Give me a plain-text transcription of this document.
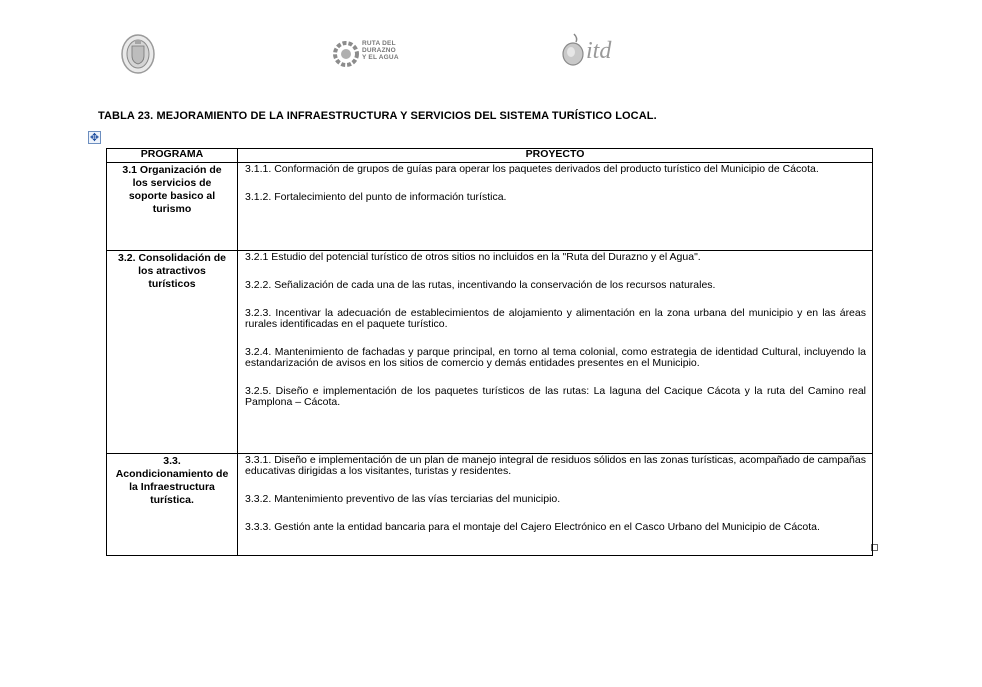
RUTA DEL
DURAZNO
Y EL AGUA	itd
TABLA 23. MEJORAMIENTO DE LA INFRAESTRUCTURA Y SERVICIOS DEL SISTEMA TURÍSTICO LOCAL.
✥
PROGRAMA	PROYECTO
3.1 Organización de los servicios de soporte basico al turismo	3.1.1. Conformación de grupos de guías para operar los paquetes derivados del producto turístico del Municipio de Cácota.

3.1.2. Fortalecimiento del punto de información turística.

3.2. Consolidación de los atractivos turísticos	3.2.1 Estudio del potencial turístico de otros sitios no incluidos en la "Ruta del Durazno y el Agua".

3.2.2. Señalización de cada una de las rutas, incentivando la conservación de los recursos naturales.

3.2.3. Incentivar la adecuación de establecimientos de alojamiento y alimentación en la zona urbana del municipio y en las áreas rurales identificadas en el paquete turístico.

3.2.4. Mantenimiento de fachadas y parque principal, en torno al tema colonial, como estrategia de identidad Cultural, incluyendo la estandarización de avisos en los sitios de comercio y demás entidades presentes en el Municipio.

3.2.5. Diseño e implementación de los paquetes turísticos de las rutas: La laguna del Cacique Cácota y la ruta del Camino real Pamplona – Cácota.

3.3. Acondicionamiento de la Infraestructura turística.	3.3.1. Diseño e implementación de un plan de manejo integral de residuos sólidos en las zonas turísticas, acompañado de campañas educativas dirigidas a los visitantes, turistas y residentes.

3.3.2. Mantenimiento preventivo de las vías terciarias del municipio.

3.3.3. Gestión ante la entidad bancaria para el montaje del Cajero Electrónico en el Casco Urbano del Municipio de Cácota.
